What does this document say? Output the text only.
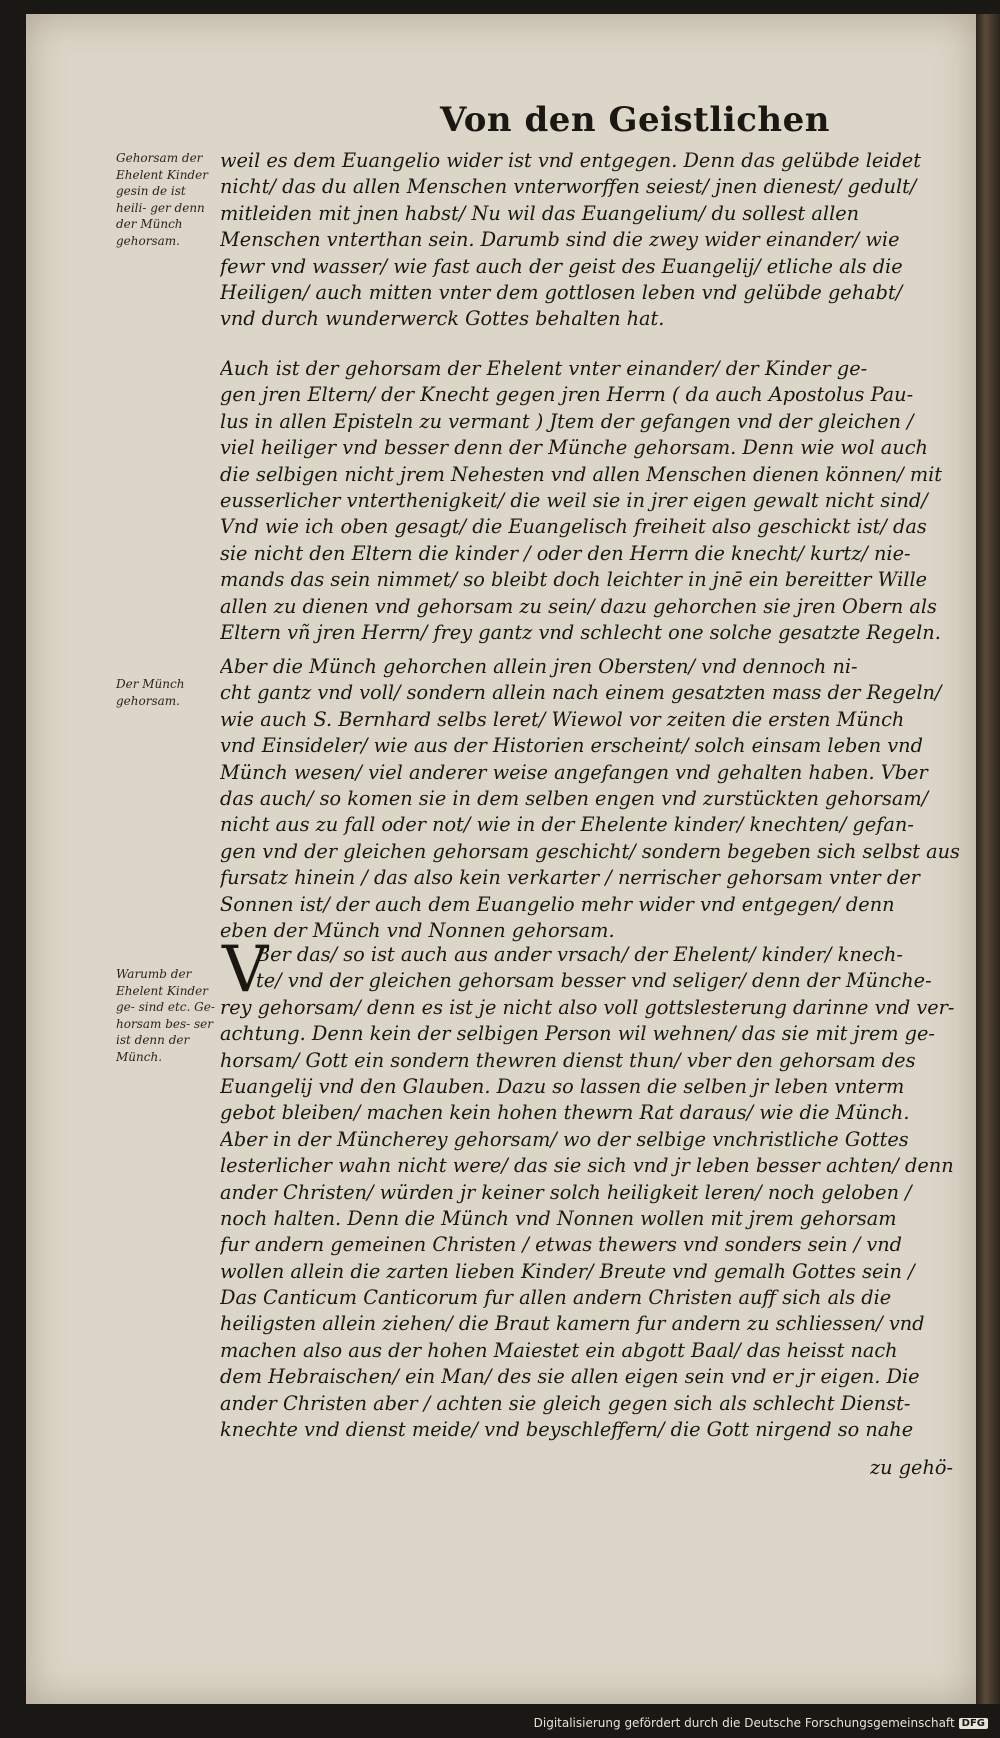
Von den Geistlichen
Gehorsam der Ehelent Kinder gesin de ist heili- ger denn der Münch gehorsam.
Der Münch gehorsam.
Warumb der Ehelent Kinder ge- sind etc. Ge- horsam bes- ser ist denn der Münch.
weil es dem Euangelio wider ist vnd entgegen. Denn das gelübde leidet
nicht/ das du allen Menschen vnterworffen seiest/ jnen dienest/ gedult/
mitleiden mit jnen habst/ Nu wil das Euangelium/ du sollest allen
Menschen vnterthan sein. Darumb sind die zwey wider einander/ wie
fewr vnd wasser/ wie fast auch der geist des Euangelij/ etliche als die
Heiligen/ auch mitten vnter dem gottlosen leben vnd gelübde gehabt/
vnd durch wunderwerck Gottes behalten hat.
Auch ist der gehorsam der Ehelent vnter einander/ der Kinder ge-
gen jren Eltern/ der Knecht gegen jren Herrn ( da auch Apostolus Pau-
lus in allen Episteln zu vermant ) Jtem der gefangen vnd der gleichen /
viel heiliger vnd besser denn der Münche gehorsam. Denn wie wol auch
die selbigen nicht jrem Nehesten vnd allen Menschen dienen können/ mit
eusserlicher vnterthenigkeit/ die weil sie in jrer eigen gewalt nicht sind/
Vnd wie ich oben gesagt/ die Euangelisch freiheit also geschickt ist/ das
sie nicht den Eltern die kinder / oder den Herrn die knecht/ kurtz/ nie-
mands das sein nimmet/ so bleibt doch leichter in jnē ein bereitter Wille
allen zu dienen vnd gehorsam zu sein/ dazu gehorchen sie jren Obern als
Eltern vñ jren Herrn/ frey gantz vnd schlecht one solche gesatzte Regeln.
Aber die Münch gehorchen allein jren Obersten/ vnd dennoch ni-
cht gantz vnd voll/ sondern allein nach einem gesatzten mass der Regeln/
wie auch S. Bernhard selbs leret/ Wiewol vor zeiten die ersten Münch
vnd Einsideler/ wie aus der Historien erscheint/ solch einsam leben vnd
Münch wesen/ viel anderer weise angefangen vnd gehalten haben. Vber
das auch/ so komen sie in dem selben engen vnd zurstückten gehorsam/
nicht aus zu fall oder not/ wie in der Ehelente kinder/ knechten/ gefan-
gen vnd der gleichen gehorsam geschicht/ sondern begeben sich selbst aus
fursatz hinein / das also kein verkarter / nerrischer gehorsam vnter der
Sonnen ist/ der auch dem Euangelio mehr wider vnd entgegen/ denn
eben der Münch vnd Nonnen gehorsam.
V
Ber das/ so ist auch aus ander vrsach/ der Ehelent/ kinder/ knech-
te/ vnd der gleichen gehorsam besser vnd seliger/ denn der Münche-
rey gehorsam/ denn es ist je nicht also voll gottslesterung darinne vnd ver-
achtung. Denn kein der selbigen Person wil wehnen/ das sie mit jrem ge-
horsam/ Gott ein sondern thewren dienst thun/ vber den gehorsam des
Euangelij vnd den Glauben. Dazu so lassen die selben jr leben vnterm
gebot bleiben/ machen kein hohen thewrn Rat daraus/ wie die Münch.
Aber in der Müncherey gehorsam/ wo der selbige vnchristliche Gottes
lesterlicher wahn nicht were/ das sie sich vnd jr leben besser achten/ denn
ander Christen/ würden jr keiner solch heiligkeit leren/ noch geloben /
noch halten. Denn die Münch vnd Nonnen wollen mit jrem gehorsam
fur andern gemeinen Christen / etwas thewers vnd sonders sein / vnd
wollen allein die zarten lieben Kinder/ Breute vnd gemalh Gottes sein /
Das Canticum Canticorum fur allen andern Christen auff sich als die
heiligsten allein ziehen/ die Braut kamern fur andern zu schliessen/ vnd
machen also aus der hohen Maiestet ein abgott Baal/ das heisst nach
dem Hebraischen/ ein Man/ des sie allen eigen sein vnd er jr eigen. Die
ander Christen aber / achten sie gleich gegen sich als schlecht Dienst-
knechte vnd dienst meide/ vnd beyschleffern/ die Gott nirgend so nahe
zu gehö-
Digitalisierung gefördert durch die Deutsche Forschungsgemeinschaft DFG
